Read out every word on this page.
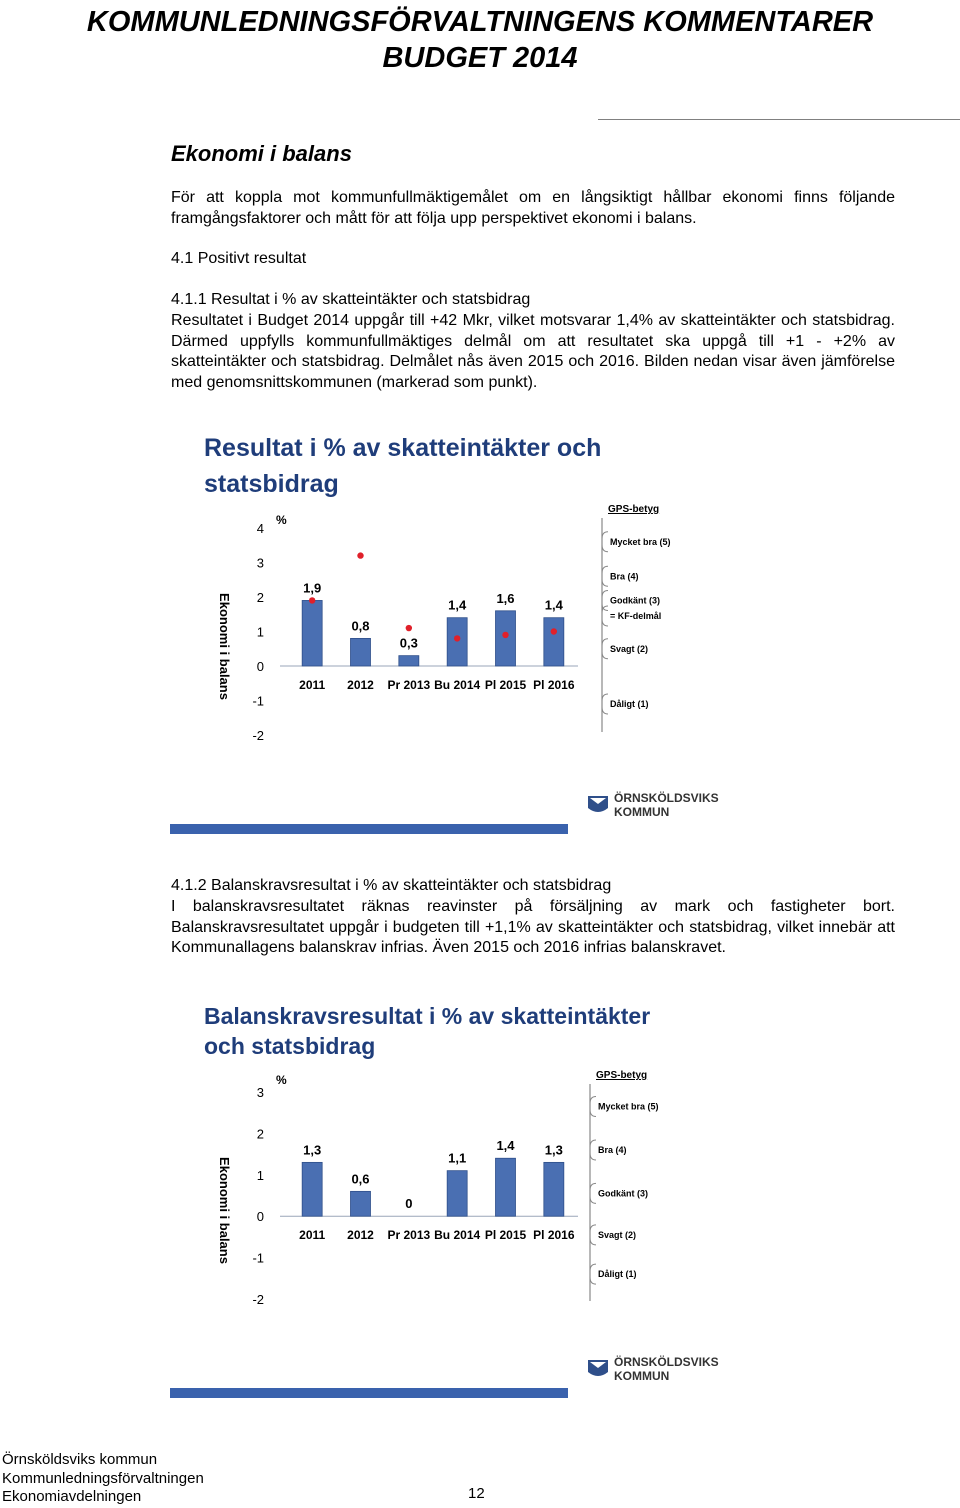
KOMMUNLEDNINGSFÖRVALTNINGENS KOMMENTARER
BUDGET 2014
Ekonomi i balans
För att koppla mot kommunfullmäktigemålet om en långsiktigt hållbar ekonomi finns följande framgångsfaktorer och mått för att följa upp perspektivet ekonomi i balans.
4.1 Positivt resultat
4.1.1 Resultat i % av skatteintäkter och statsbidrag
Resultatet i Budget 2014 uppgår till +42 Mkr, vilket motsvarar 1,4% av skatteintäkter och statsbidrag. Därmed uppfylls kommunfullmäktiges delmål om att resultatet ska uppgå till +1 - +2% av skatteintäkter och statsbidrag. Delmålet nås även 2015 och 2016. Bilden nedan visar även jämförelse med genomsnittskommunen (markerad som punkt).
Resultat i % av skatteintäkter och
statsbidrag
%
4
3
2
1
0
-1
-2
Ekonomi i balans
1,9
2011
0,8
2012
0,3
Pr 2013
1,4
Bu 2014
1,6
Pl 2015
1,4
Pl 2016
GPS-betyg
Mycket bra (5)
Bra (4)
Godkänt (3)
= KF-delmål
Svagt (2)
Dåligt (1)
ÖRNSKÖLDSVIKS
KOMMUN
4.1.2 Balanskravsresultat i % av skatteintäkter och statsbidrag
I balanskravsresultatet räknas reavinster på försäljning av mark och fastigheter bort. Balanskravsresultatet uppgår i budgeten till +1,1% av skatteintäkter och statsbidrag, vilket innebär att Kommunallagens balanskrav infrias. Även 2015 och 2016 infrias balanskravet.
Balanskravsresultat i % av skatteintäkter
och statsbidrag
%
3
2
1
0
-1
-2
Ekonomi i balans
1,3
2011
0,6
2012
0
Pr 2013
1,1
Bu 2014
1,4
Pl 2015
1,3
Pl 2016
GPS-betyg
Mycket bra (5)
Bra (4)
Godkänt (3)
Svagt (2)
Dåligt (1)
ÖRNSKÖLDSVIKS
KOMMUN
Örnsköldsviks kommun
Kommunledningsförvaltningen
Ekonomiavdelningen	12
